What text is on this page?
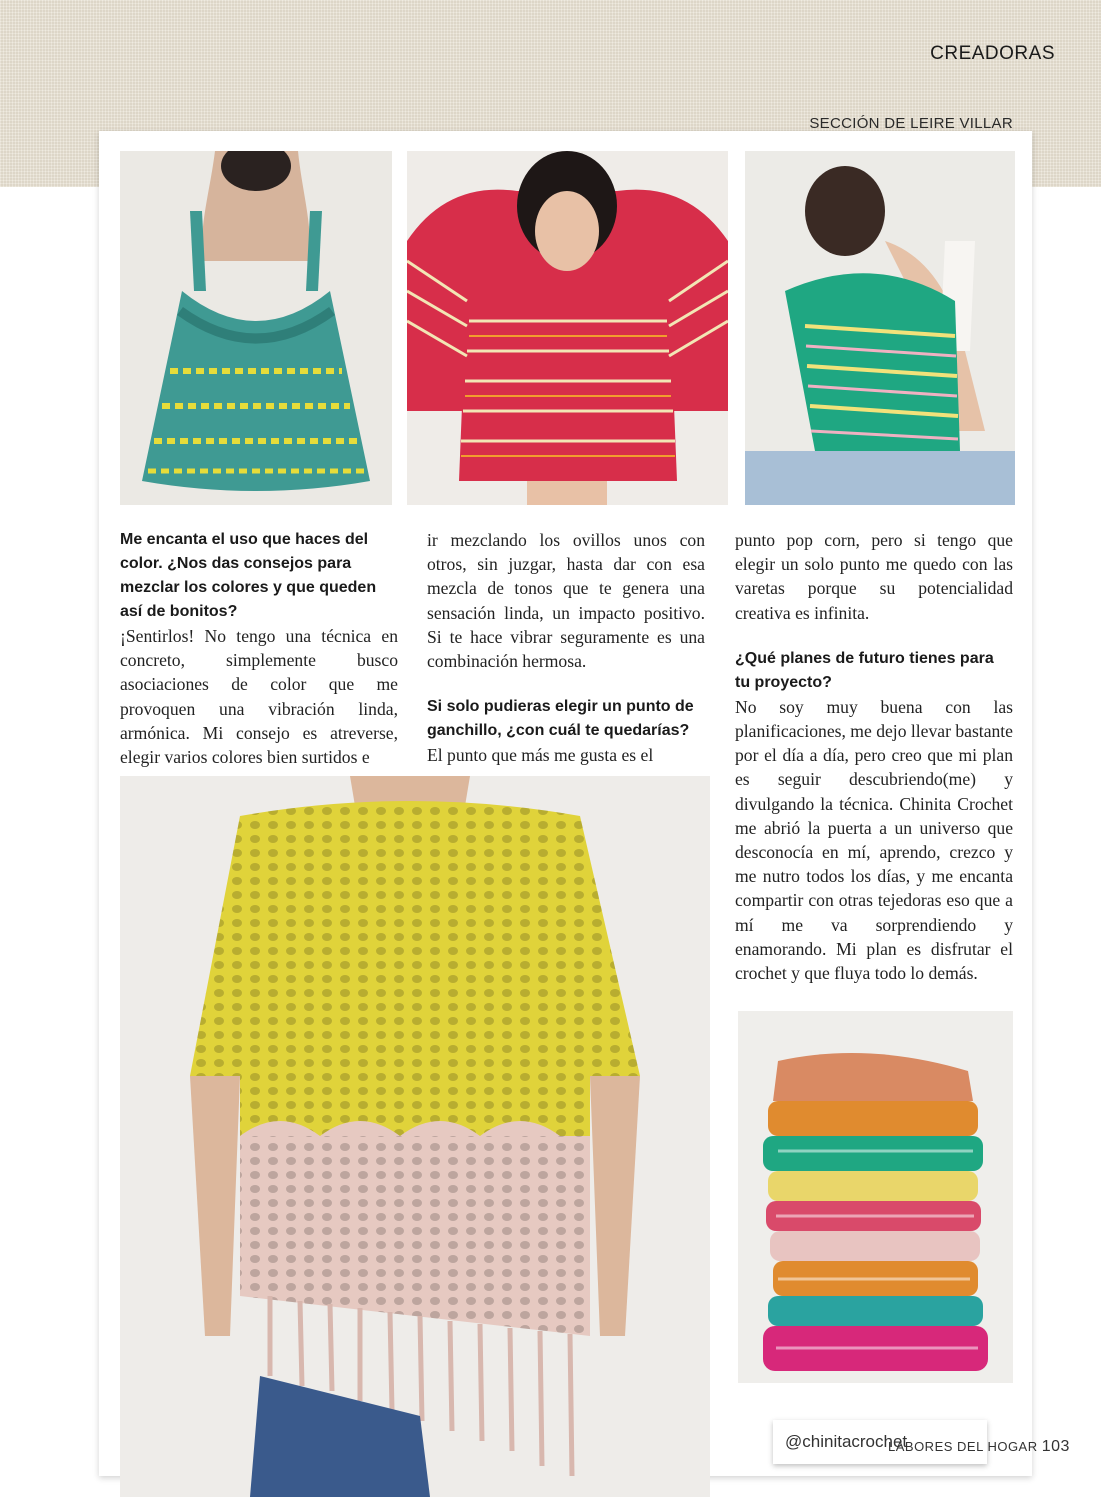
CREADORAS
SECCIÓN DE LEIRE VILLAR

Me encanta el uso que haces del color. ¿Nos das consejos para mezclar los colores y que queden así de bonitos?

¡Sentirlos! No tengo una técnica en concreto, simplemente busco asociaciones de color que me provoquen una vibración linda, armónica. Mi consejo es atreverse, elegir varios colores bien surtidos e

ir mezclando los ovillos unos con otros, sin juzgar, hasta dar con esa mezcla de tonos que te genera una sensación linda, un impacto positivo. Si te hace vibrar seguramente es una combinación hermosa.

Si solo pudieras elegir un punto de ganchillo, ¿con cuál te quedarías?

El punto que más me gusta es el

punto pop corn, pero si tengo que elegir un solo punto me quedo con las varetas porque su potencialidad creativa es infinita.

¿Qué planes de futuro tienes para tu proyecto?

No soy muy buena con las planificaciones, me dejo llevar bastante por el día a día, pero creo que mi plan es seguir descubriendo(me) y divulgando la técnica. Chinita Crochet me abrió la puerta a un universo que desconocía en mí, aprendo, crezco y me nutro todos los días, y me encanta compartir con otras tejedoras eso que a mí me va sorprendiendo y enamorando. Mi plan es disfrutar el crochet y que fluya todo lo demás.

@chinitacrochet
LABORES DEL HOGAR 103
